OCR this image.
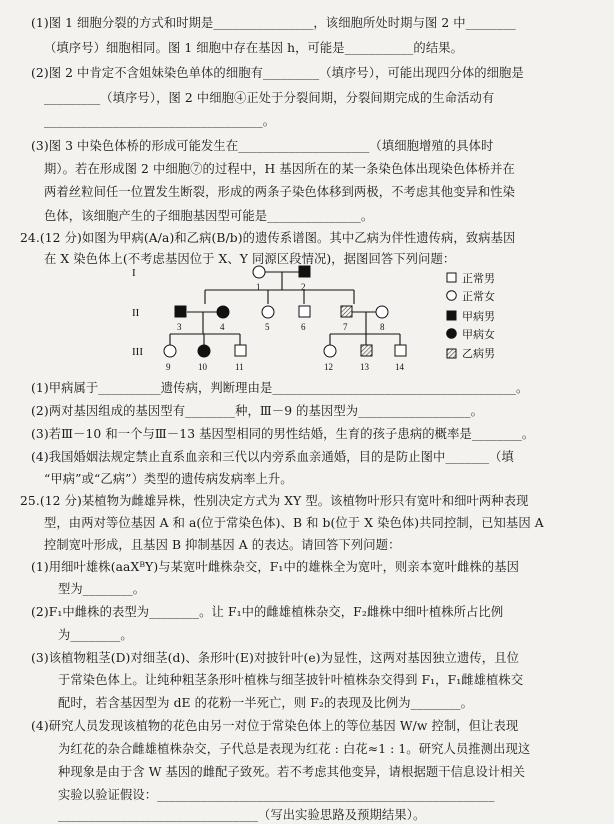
(1)图 1 细胞分裂的方式和时期是________________，该细胞所处时期与图 2 中________
（填序号）细胞相同。图 1 细胞中存在基因 h，可能是___________的结果。
(2)图 2 中肯定不含姐妹染色单体的细胞有_________（填序号），可能出现四分体的细胞是
_________（填序号），图 2 中细胞④正处于分裂间期，分裂间期完成的生命活动有
___________________________________。
(3)图 3 中染色体桥的形成可能发生在_____________________（填细胞增殖的具体时
期）。若在形成图 2 中细胞⑦的过程中，H 基因所在的某一条染色体出现染色体桥并在
两着丝粒间任一位置发生断裂，形成的两条子染色体移到两极，不考虑其他变异和性染
色体，该细胞产生的子细胞基因型可能是_______________。
24.(12 分)如图为甲病(A/a)和乙病(B/b)的遗传系谱图。其中乙病为伴性遗传病，致病基因
在 X 染色体上(不考虑基因位于 X、Y 同源区段情况)，据图回答下列问题：
I
II
III
1	2
3	4	5	6	7	8
9	10	11	12	13	14
正常男
正常女
甲病男
甲病女
乙病男
(1)甲病属于__________遗传病，判断理由是_______________________________________。
(2)两对基因组成的基因型有________种，Ⅲ－9 的基因型为__________________。
(3)若Ⅲ－10 和一个与Ⅲ－13 基因型相同的男性结婚，生育的孩子患病的概率是________。
(4)我国婚姻法规定禁止直系血亲和三代以内旁系血亲通婚，目的是防止图中_______（填
“甲病”或“乙病”）类型的遗传病发病率上升。
25.(12 分)某植物为雌雄异株，性别决定方式为 XY 型。该植物叶形只有宽叶和细叶两种表现
型，由两对等位基因 A 和 a(位于常染色体)、B 和 b(位于 X 染色体)共同控制，已知基因 A
控制宽叶形成，且基因 B 抑制基因 A 的表达。请回答下列问题：
(1)用细叶雄株(aaXᴮY)与某宽叶雌株杂交，F₁中的雄株全为宽叶，则亲本宽叶雌株的基因
型为________。
(2)F₁中雌株的表型为________。让 F₁中的雌雄植株杂交，F₂雌株中细叶植株所占比例
为________。
(3)该植物粗茎(D)对细茎(d)、条形叶(E)对披针叶(e)为显性，这两对基因独立遗传，且位
于常染色体上。让纯种粗茎条形叶植株与细茎披针叶植株杂交得到 F₁，F₁雌雄植株交
配时，若含基因型为 dE 的花粉一半死亡，则 F₂的表现及比例为________。
(4)研究人员发现该植物的花色由另一对位于常染色体上的等位基因 W/w 控制，但让表现
为红花的杂合雌雄植株杂交，子代总是表现为红花 : 白花≈1 : 1。研究人员推测出现这
种现象是由于含 W 基因的雌配子致死。若不考虑其他变异，请根据题干信息设计相关
实验以验证假设：______________________________________________________
________________________________（写出实验思路及预期结果）。
